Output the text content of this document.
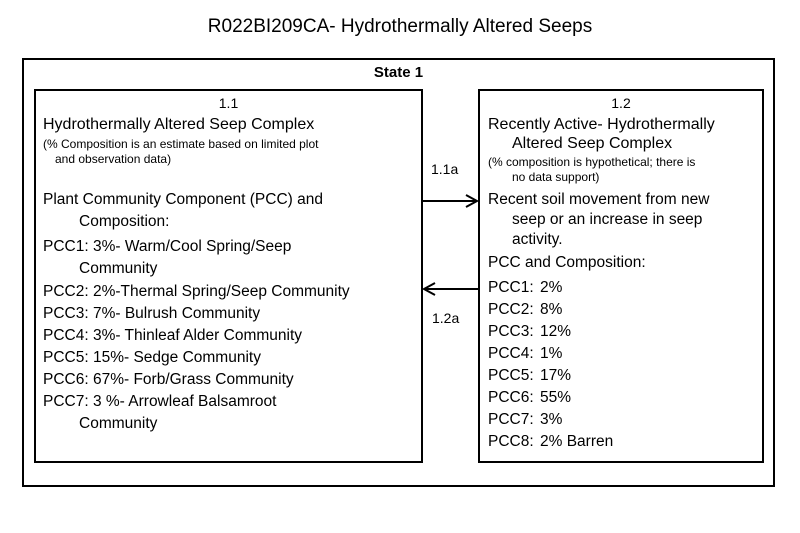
R022BI209CA- Hydrothermally Altered Seeps
State 1
1.1
Hydrothermally Altered Seep Complex
(% Composition is an estimate based on limited plot
and observation data)
Plant Community Component (PCC) and
Composition:
PCC1: 3%- Warm/Cool Spring/Seep
Community
PCC2: 2%-Thermal Spring/Seep Community
PCC3: 7%- Bulrush Community
PCC4: 3%- Thinleaf Alder Community
PCC5: 15%- Sedge Community
PCC6: 67%- Forb/Grass Community
PCC7: 3 %- Arrowleaf Balsamroot
Community
1.2
Recently Active- Hydrothermally
Altered Seep Complex
(% composition is hypothetical; there is
no data support)
Recent soil movement from new
seep or an increase in seep
activity.
PCC and Composition:
PCC1: 2%
PCC2: 8%
PCC3: 12%
PCC4: 1%
PCC5: 17%
PCC6: 55%
PCC7: 3%
PCC8: 2% Barren
1.1a
1.2a
